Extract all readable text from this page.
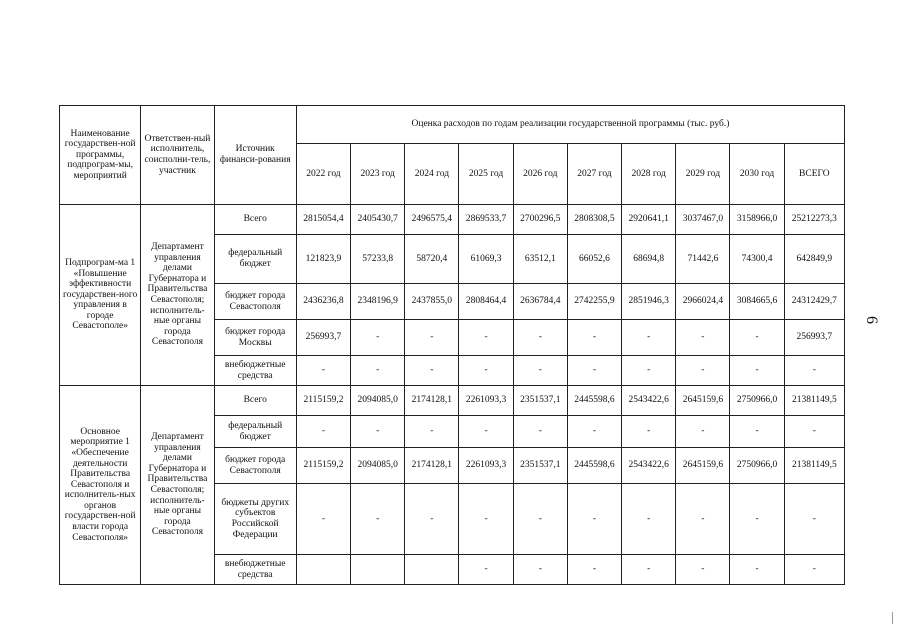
6
Наименование государствен-ной программы, подпрограм-мы, мероприятий	Ответствен-ный исполнитель, соисполни-тель, участник	Источник финанси-рования	Оценка расходов по годам реализации государственной программы (тыс. руб.)									
			2022 год	2023 год	2024 год	2025 год	2026 год	2027 год	2028 год	2029 год	2030 год	ВСЕГО
Подпрограм-ма 1 «Повышение эффективности государствен-ного управления в городе Севастополе»	Департамент управления делами Губернатора и Правительства Севастополя; исполнитель-ные органы города Севастополя	Всего	2815054,4	2405430,7	2496575,4	2869533,7	2700296,5	2808308,5	2920641,1	3037467,0	3158966,0	25212273,3
		федеральный бюджет	121823,9	57233,8	58720,4	61069,3	63512,1	66052,6	68694,8	71442,6	74300,4	642849,9
		бюджет города Севастополя	2436236,8	2348196,9	2437855,0	2808464,4	2636784,4	2742255,9	2851946,3	2966024,4	3084665,6	24312429,7
		бюджет города Москвы	256993,7	-	-	-	-	-	-	-	-	256993,7
		внебюджетные средства	-	-	-	-	-	-	-	-	-	-
Основное мероприятие 1 «Обеспечение деятельности Правительства Севастополя и исполнитель-ных органов государствен-ной власти города Севастополя»	Департамент управления делами Губернатора и Правительства Севастополя; исполнитель-ные органы города Севастополя	Всего	2115159,2	2094085,0	2174128,1	2261093,3	2351537,1	2445598,6	2543422,6	2645159,6	2750966,0	21381149,5
		федеральный бюджет	-	-	-	-	-	-	-	-	-	-
		бюджет города Севастополя	2115159,2	2094085,0	2174128,1	2261093,3	2351537,1	2445598,6	2543422,6	2645159,6	2750966,0	21381149,5
		бюджеты других субъектов Российской Федерации	-	-	-	-	-	-	-	-	-	-
		внебюджетные средства				-	-	-	-	-	-	-
